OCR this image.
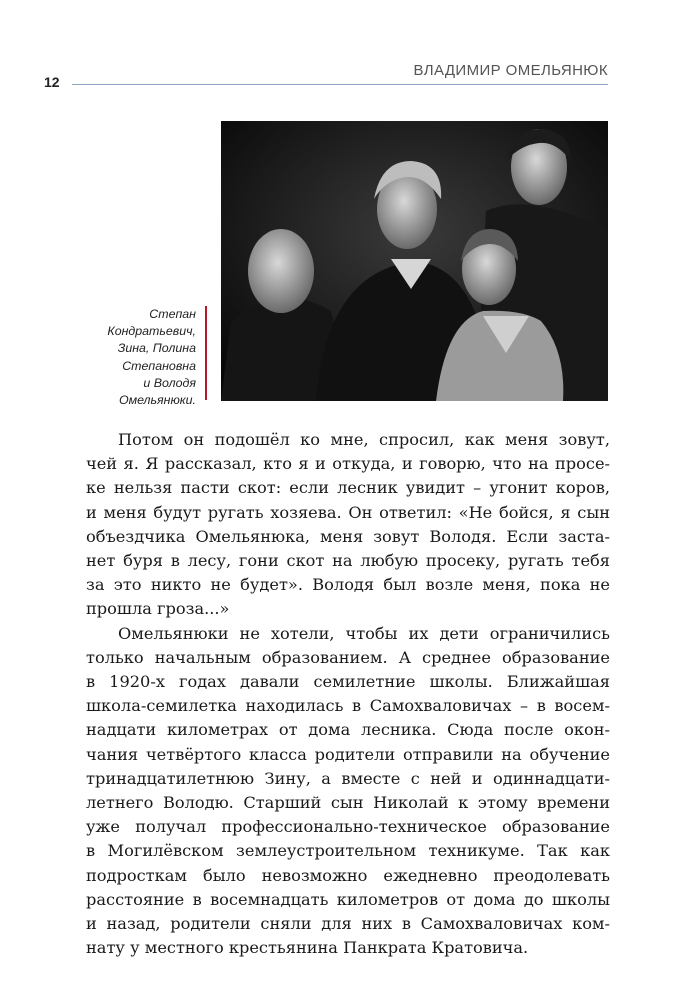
ВЛАДИМИР ОМЕЛЬЯНЮК
12
Степан
Кондратьевич,
Зина, Полина
Степановна
и Володя
Омельянюки.
Потом он подошёл ко мне, спросил, как меня зовут,
чей я. Я рассказал, кто я и откуда, и говорю, что на просе-
ке нельзя пасти скот: если лесник увидит – угонит коров,
и меня будут ругать хозяева. Он ответил: «Не бойся, я сын
объездчика Омельянюка, меня зовут Володя. Если заста-
нет буря в лесу, гони скот на любую просеку, ругать тебя
за это никто не будет». Володя был возле меня, пока не
прошла гроза...»
Омельянюки не хотели, чтобы их дети ограничились
только начальным образованием. А среднее образование
в 1920-х годах давали семилетние школы. Ближайшая
школа-семилетка находилась в Самохваловичах – в восем-
надцати километрах от дома лесника. Сюда после окон-
чания четвёртого класса родители отправили на обучение
тринадцатилетнюю Зину, а вместе с ней и одиннадцати-
летнего Володю. Старший сын Николай к этому времени
уже получал профессионально-техническое образование
в Могилёвском землеустроительном техникуме. Так как
подросткам было невозможно ежедневно преодолевать
расстояние в восемнадцать километров от дома до школы
и назад, родители сняли для них в Самохваловичах ком-
нату у местного крестьянина Панкрата Кратовича.
